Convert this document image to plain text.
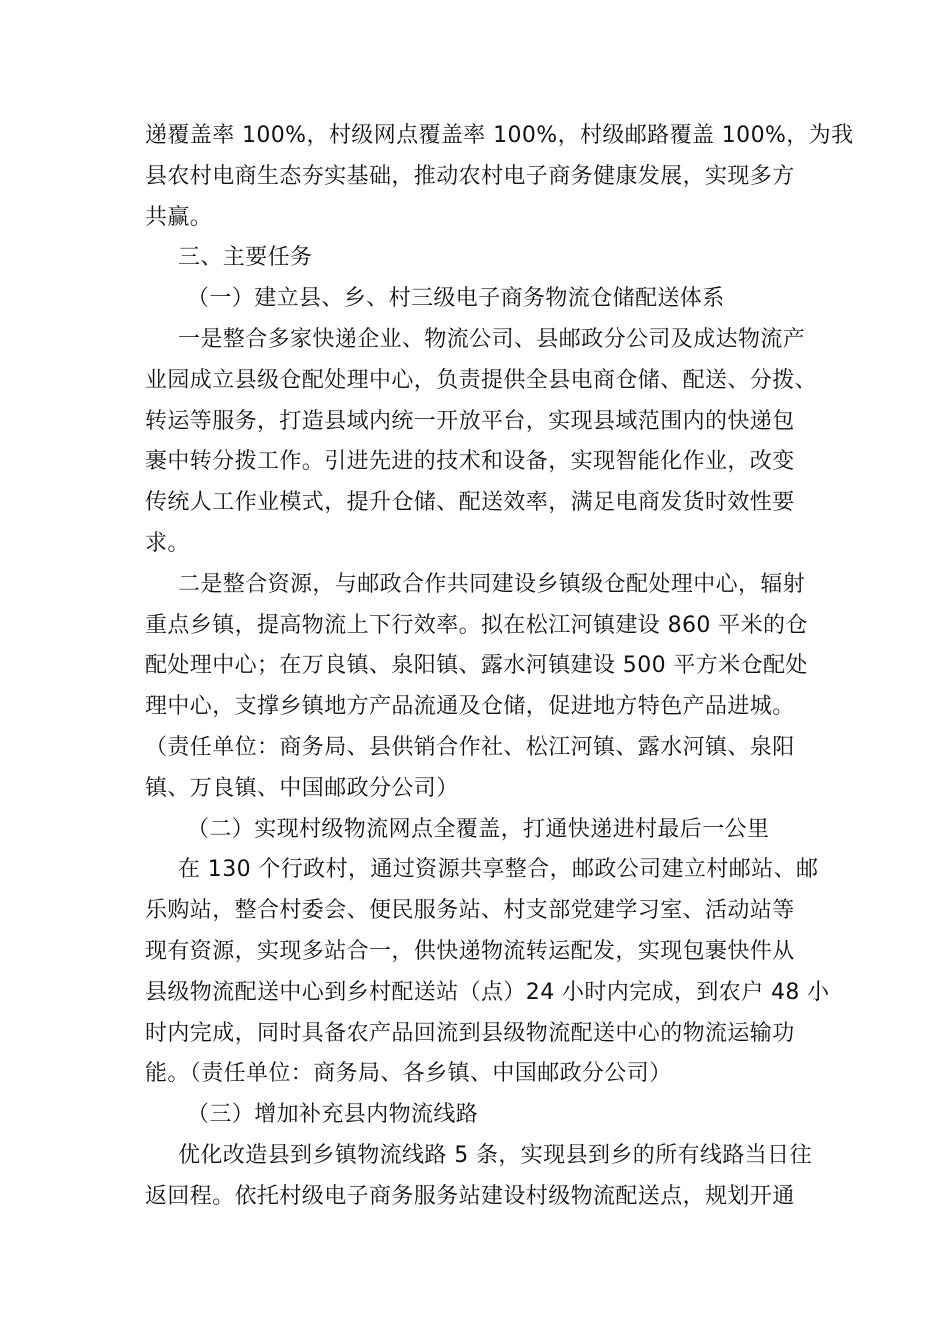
递覆盖率 100%，村级网点覆盖率 100%，村级邮路覆盖 100%，为我
县农村电商生态夯实基础，推动农村电子商务健康发展，实现多方
共赢。
三、主要任务
（一）建立县、乡、村三级电子商务物流仓储配送体系
一是整合多家快递企业、物流公司、县邮政分公司及成达物流产
业园成立县级仓配处理中心，负责提供全县电商仓储、配送、分拨、
转运等服务，打造县域内统一开放平台，实现县域范围内的快递包
裹中转分拨工作。引进先进的技术和设备，实现智能化作业，改变
传统人工作业模式，提升仓储、配送效率，满足电商发货时效性要
求。
二是整合资源，与邮政合作共同建设乡镇级仓配处理中心，辐射
重点乡镇，提高物流上下行效率。拟在松江河镇建设 860 平米的仓
配处理中心；在万良镇、泉阳镇、露水河镇建设 500 平方米仓配处
理中心，支撑乡镇地方产品流通及仓储，促进地方特色产品进城。
（责任单位：商务局、县供销合作社、松江河镇、露水河镇、泉阳
镇、万良镇、中国邮政分公司）
（二）实现村级物流网点全覆盖，打通快递进村最后一公里
在 130 个行政村，通过资源共享整合，邮政公司建立村邮站、邮
乐购站，整合村委会、便民服务站、村支部党建学习室、活动站等
现有资源，实现多站合一，供快递物流转运配发，实现包裹快件从
县级物流配送中心到乡村配送站（点）24 小时内完成，到农户 48 小
时内完成，同时具备农产品回流到县级物流配送中心的物流运输功
能。（责任单位：商务局、各乡镇、中国邮政分公司）
（三）增加补充县内物流线路
优化改造县到乡镇物流线路 5 条，实现县到乡的所有线路当日往
返回程。依托村级电子商务服务站建设村级物流配送点，规划开通
